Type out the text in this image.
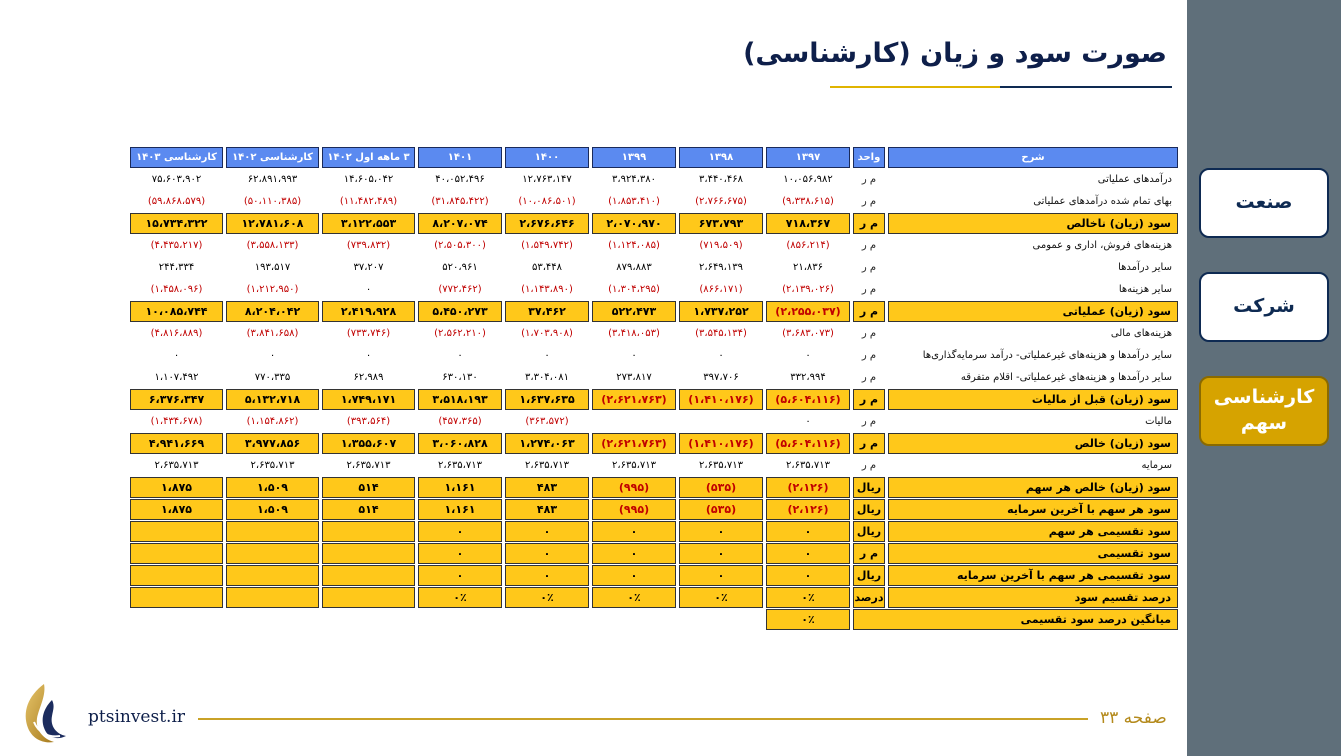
صورت سود و زیان (کارشناسی)
شرح	واحد	۱۳۹۷	۱۳۹۸	۱۳۹۹	۱۴۰۰	۱۴۰۱	۳ ماهه اول ۱۴۰۲	کارشناسی ۱۴۰۲	کارشناسی ۱۴۰۳
درآمدهای عملیاتی	م ر	۱۰،۰۵۶،۹۸۲	۳،۴۴۰،۴۶۸	۳،۹۲۴،۳۸۰	۱۲،۷۶۳،۱۴۷	۴۰،۰۵۲،۴۹۶	۱۴،۶۰۵،۰۴۲	۶۲،۸۹۱،۹۹۳	۷۵،۶۰۳،۹۰۲
بهای تمام شده درآمدهای عملیاتی	م ر	(۹،۳۳۸،۶۱۵)	(۲،۷۶۶،۶۷۵)	(۱،۸۵۳،۴۱۰)	(۱۰،۰۸۶،۵۰۱)	(۳۱،۸۴۵،۴۲۲)	(۱۱،۴۸۲،۴۸۹)	(۵۰،۱۱۰،۳۸۵)	(۵۹،۸۶۸،۵۷۹)
سود (زیان) ناخالص	م ر	۷۱۸،۳۶۷	۶۷۳،۷۹۳	۲،۰۷۰،۹۷۰	۲،۶۷۶،۶۴۶	۸،۲۰۷،۰۷۴	۳،۱۲۲،۵۵۳	۱۲،۷۸۱،۶۰۸	۱۵،۷۳۴،۳۲۲
هزینه‌های فروش، اداری و عمومی	م ر	(۸۵۶،۲۱۴)	(۷۱۹،۵۰۹)	(۱،۱۲۴،۰۸۵)	(۱،۵۴۹،۷۴۲)	(۲،۵۰۵،۳۰۰)	(۷۳۹،۸۳۲)	(۳،۵۵۸،۱۳۳)	(۴،۴۳۵،۲۱۷)
سایر درآمدها	م ر	۲۱،۸۳۶	۲،۶۴۹،۱۳۹	۸۷۹،۸۸۳	۵۳،۴۴۸	۵۲۰،۹۶۱	۳۷،۲۰۷	۱۹۳،۵۱۷	۲۴۴،۳۳۴
سایر هزینه‌ها	م ر	(۲،۱۳۹،۰۲۶)	(۸۶۶،۱۷۱)	(۱،۳۰۴،۲۹۵)	(۱،۱۴۳،۸۹۰)	(۷۷۲،۴۶۲)	۰	(۱،۲۱۲،۹۵۰)	(۱،۴۵۸،۰۹۶)
سود (زیان) عملیاتی	م ر	(۲،۲۵۵،۰۳۷)	۱،۷۳۷،۲۵۲	۵۲۲،۴۷۳	۳۷،۴۶۲	۵،۴۵۰،۲۷۳	۲،۴۱۹،۹۲۸	۸،۲۰۴،۰۴۲	۱۰،۰۸۵،۷۴۴
هزینه‌های مالی	م ر	(۳،۶۸۳،۰۷۳)	(۳،۵۴۵،۱۳۴)	(۳،۴۱۸،۰۵۳)	(۱،۷۰۳،۹۰۸)	(۲،۵۶۲،۲۱۰)	(۷۳۳،۷۴۶)	(۳،۸۴۱،۶۵۸)	(۴،۸۱۶،۸۸۹)
سایر درآمدها و هزینه‌های غیرعملیاتی- درآمد سرمایه‌گذاری‌ها	م ر	۰	۰	۰	۰	۰	۰	۰	۰
سایر درآمدها و هزینه‌های غیرعملیاتی- اقلام متفرقه	م ر	۳۳۲،۹۹۴	۳۹۷،۷۰۶	۲۷۳،۸۱۷	۳،۳۰۴،۰۸۱	۶۳۰،۱۳۰	۶۲،۹۸۹	۷۷۰،۳۳۵	۱،۱۰۷،۴۹۲
سود (زیان) قبل از مالیات	م ر	(۵،۶۰۴،۱۱۶)	(۱،۴۱۰،۱۷۶)	(۲،۶۲۱،۷۶۳)	۱،۶۳۷،۶۳۵	۳،۵۱۸،۱۹۳	۱،۷۴۹،۱۷۱	۵،۱۳۲،۷۱۸	۶،۳۷۶،۳۴۷
مالیات	م ر	۰			(۳۶۳،۵۷۲)	(۴۵۷،۳۶۵)	(۳۹۳،۵۶۴)	(۱،۱۵۴،۸۶۲)	(۱،۴۳۴،۶۷۸)
سود (زیان) خالص	م ر	(۵،۶۰۴،۱۱۶)	(۱،۴۱۰،۱۷۶)	(۲،۶۲۱،۷۶۳)	۱،۲۷۴،۰۶۳	۳،۰۶۰،۸۲۸	۱،۳۵۵،۶۰۷	۳،۹۷۷،۸۵۶	۴،۹۴۱،۶۶۹
سرمایه	م ر	۲،۶۳۵،۷۱۳	۲،۶۳۵،۷۱۳	۲،۶۳۵،۷۱۳	۲،۶۳۵،۷۱۳	۲،۶۳۵،۷۱۳	۲،۶۳۵،۷۱۳	۲،۶۳۵،۷۱۳	۲،۶۳۵،۷۱۳
سود (زیان) خالص هر سهم	ریال	(۲،۱۲۶)	(۵۳۵)	(۹۹۵)	۴۸۳	۱،۱۶۱	۵۱۴	۱،۵۰۹	۱،۸۷۵
سود هر سهم با آخرین سرمایه	ریال	(۲،۱۲۶)	(۵۳۵)	(۹۹۵)	۴۸۳	۱،۱۶۱	۵۱۴	۱،۵۰۹	۱،۸۷۵
سود تقسیمی هر سهم	ریال	۰	۰	۰	۰	۰			
سود تقسیمی	م ر	۰	۰	۰	۰	۰			
سود تقسیمی هر سهم با آخرین سرمایه	ریال	۰	۰	۰	۰	۰			
درصد تقسیم سود	درصد	۰٪	۰٪	۰٪	۰٪	۰٪			
میانگین درصد سود تقسیمی		۰٪							
ptsinvest.ir	صفحه ۳۳
صنعت
شرکت
کارشناسی سهم
